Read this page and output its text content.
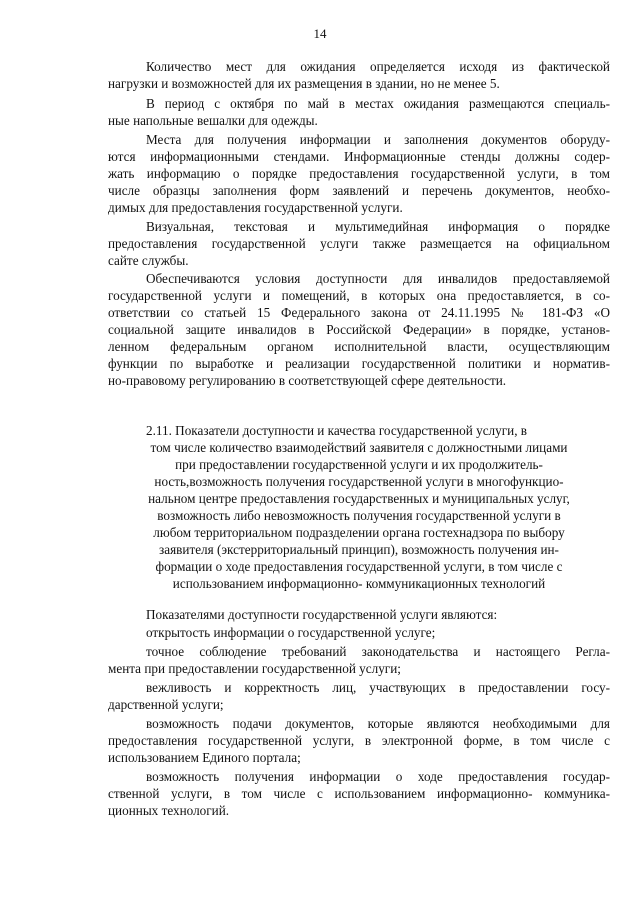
14
Количество мест для ожидания определяется исходя из фактической
нагрузки и возможностей для их размещения в здании, но не менее 5.
В период с октября по май в местах ожидания размещаются специаль-
ные напольные вешалки для одежды.
Места для получения информации и заполнения документов оборуду-
ются информационными стендами. Информационные стенды должны содер-
жать информацию о порядке предоставления государственной услуги, в том
числе образцы заполнения форм заявлений и перечень документов, необхо-
димых для предоставления государственной услуги.
Визуальная, текстовая и мультимедийная информация о порядке
предоставления государственной услуги также размещается на официальном
сайте службы.
Обеспечиваются условия доступности для инвалидов предоставляемой
государственной услуги и помещений, в которых она предоставляется, в со-
ответствии со статьей 15 Федерального закона от 24.11.1995 № 181-ФЗ «О
социальной защите инвалидов в Российской Федерации» в порядке, установ-
ленном федеральным органом исполнительной власти, осуществляющим
функции по выработке и реализации государственной политики и норматив-
но-правовому регулированию в соответствующей сфере деятельности.
2.11. Показатели доступности и качества государственной услуги, в
том числе количество взаимодействий заявителя с должностными лицами
при предоставлении государственной услуги и их продолжитель-
ность,возможность получения государственной услуги в многофункцио-
нальном центре предоставления государственных и муниципальных услуг,
возможность либо невозможность получения государственной услуги в
любом территориальном подразделении органа гостехнадзора по выбору
заявителя (экстерриториальный принцип), возможность получения ин-
формации о ходе предоставления государственной услуги, в том числе с
использованием информационно- коммуникационных технологий
Показателями доступности государственной услуги являются:
открытость информации о государственной услуге;
точное соблюдение требований законодательства и настоящего Регла-
мента при предоставлении государственной услуги;
вежливость и корректность лиц, участвующих в предоставлении госу-
дарственной услуги;
возможность подачи документов, которые являются необходимыми для
предоставления государственной услуги, в электронной форме, в том числе с
использованием Единого портала;
возможность получения информации о ходе предоставления государ-
ственной услуги, в том числе с использованием информационно- коммуника-
ционных технологий.
